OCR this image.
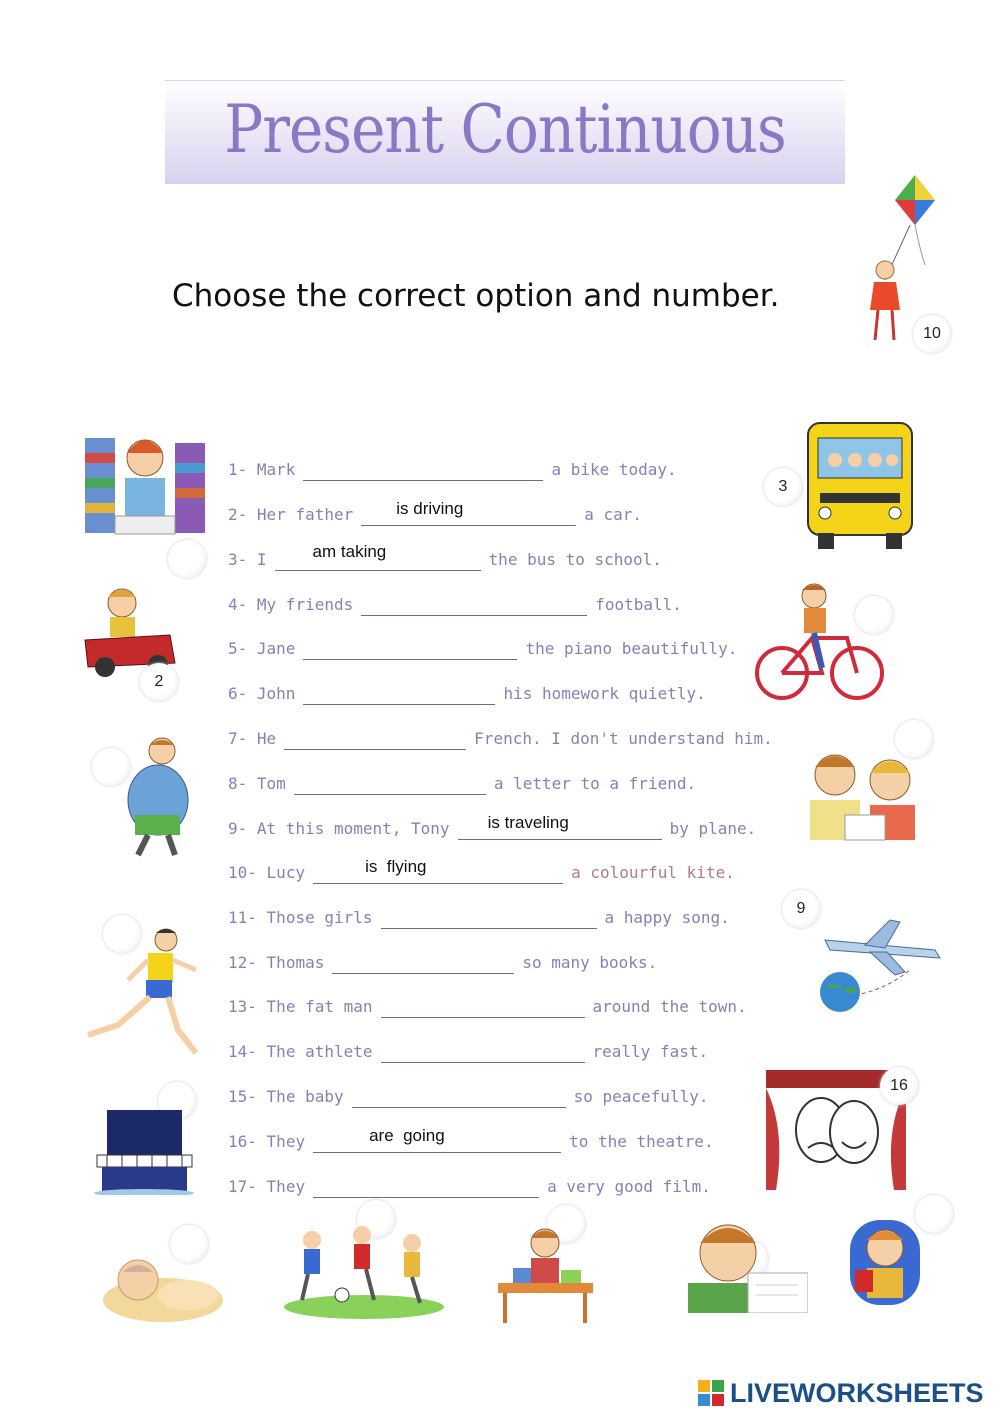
Present Continuous
Choose the correct option and number.
1-
Mark	a bike today.
2-
Her father	is driving	a car.
3-
I	am taking	the bus to school.
4-
My friends	football.
5-
Jane	the piano beautifully.
6-
John	his homework quietly.
7-
He	French. I don't understand him.
8-
Tom	a letter to a friend.
9-
At this moment, Tony	is traveling	by plane.
10-
Lucy	is  flying	a colourful kite.
11-
Those girls	a happy song.
12-
Thomas	so many books.
13-
The fat man	around the town.
14-
The athlete	really fast.
15-
The baby	so peacefully.
16-
They	are  going	to the theatre.
17-
They	a very good film.
10
3
2
9
16
LIVEWORKSHEETS
